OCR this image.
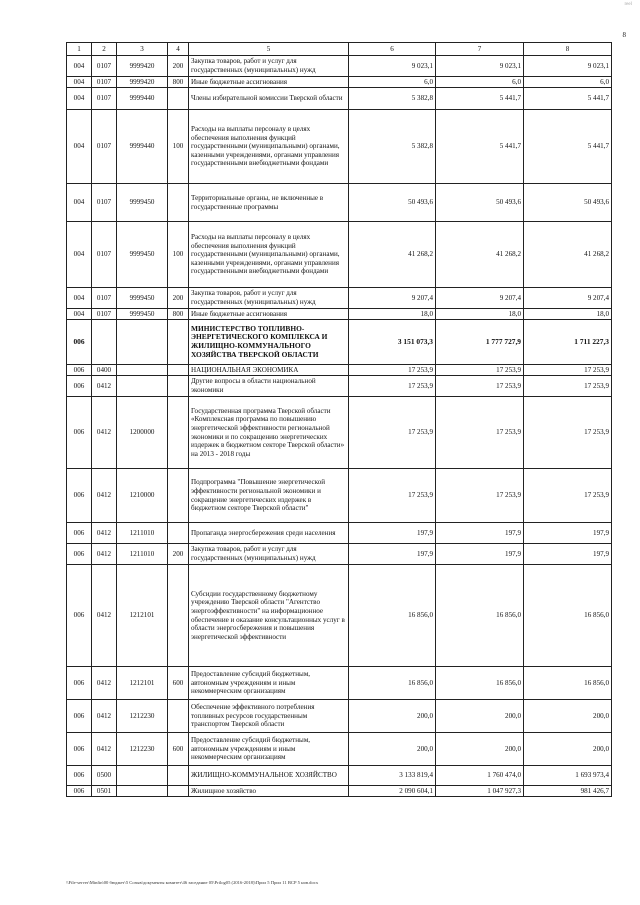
reel
8
1	2	3	4	5	6	7	8
004	0107	9999420	200	Закупка товаров, работ и услуг для государственных (муниципальных) нужд	9 023,1	9 023,1	9 023,1
004	0107	9999420	800	Иные бюджетные ассигнования	6,0	6,0	6,0
004	0107	9999440		Члены избирательной комиссии Тверской области	5 382,8	5 441,7	5 441,7
004	0107	9999440	100	Расходы на выплаты персоналу в целях обеспечения выполнения функций государственными (муниципальными) органами, казенными учреждениями, органами управления государственными внебюджетными фондами	5 382,8	5 441,7	5 441,7
004	0107	9999450		Территориальные органы, не включенные в государственные программы	50 493,6	50 493,6	50 493,6
004	0107	9999450	100	Расходы на выплаты персоналу в целях обеспечения выполнения функций государственными (муниципальными) органами, казенными учреждениями, органами управления государственными внебюджетными фондами	41 268,2	41 268,2	41 268,2
004	0107	9999450	200	Закупка товаров, работ и услуг для государственных (муниципальных) нужд	9 207,4	9 207,4	9 207,4
004	0107	9999450	800	Иные бюджетные ассигнования	18,0	18,0	18,0
006				МИНИСТЕРСТВО ТОПЛИВНО-ЭНЕРГЕТИЧЕСКОГО КОМПЛЕКСА И ЖИЛИЩНО-КОММУНАЛЬНОГО ХОЗЯЙСТВА ТВЕРСКОЙ ОБЛАСТИ	3 151 073,3	1 777 727,9	1 711 227,3
006	0400			НАЦИОНАЛЬНАЯ ЭКОНОМИКА	17 253,9	17 253,9	17 253,9
006	0412			Другие вопросы в области национальной экономики	17 253,9	17 253,9	17 253,9
006	0412	1200000		Государственная программа Тверской области «Комплексная программа по повышению энергетической эффективности региональной экономики и по сокращению энергетических издержек в бюджетном секторе Тверской области» на 2013 - 2018 годы	17 253,9	17 253,9	17 253,9
006	0412	1210000		Подпрограмма "Повышение энергетической эффективности региональной экономики и сокращение энергетических издержек в бюджетном секторе Тверской области"	17 253,9	17 253,9	17 253,9
006	0412	1211010		Пропаганда энергосбережения среди населения	197,9	197,9	197,9
006	0412	1211010	200	Закупка товаров, работ и услуг для государственных (муниципальных) нужд	197,9	197,9	197,9
006	0412	1212101		Субсидии государственному бюджетному учреждению Тверской области "Агентство энергоэффективности" на информационное обеспечение и оказание консультационных услуг в области энергосбережения и повышения энергетической эффективности	16 856,0	16 856,0	16 856,0
006	0412	1212101	600	Предоставление субсидий бюджетным, автономным учреждениям и иным некоммерческим организациям	16 856,0	16 856,0	16 856,0
006	0412	1212230		Обеспечение эффективного потребления топливных ресурсов государственным транспортом Тверской области	200,0	200,0	200,0
006	0412	1212230	600	Предоставление субсидий бюджетным, автономным учреждениям и иным некоммерческим организациям	200,0	200,0	200,0
006	0500			ЖИЛИЩНО-КОММУНАЛЬНОЕ ХОЗЯЙСТВО	3 133 819,4	1 760 474,0	1 693 973,4
006	0501			Жилищное хозяйство	2 090 604,1	1 047 927,3	981 426,7
\\File-server\Minfin\00 бюджет\5 Созыв\документы комитет\46 заседание 05\Prilog05 (2016-2018)\Прил 5 Прил 11 ВСР 5 нов.docx
